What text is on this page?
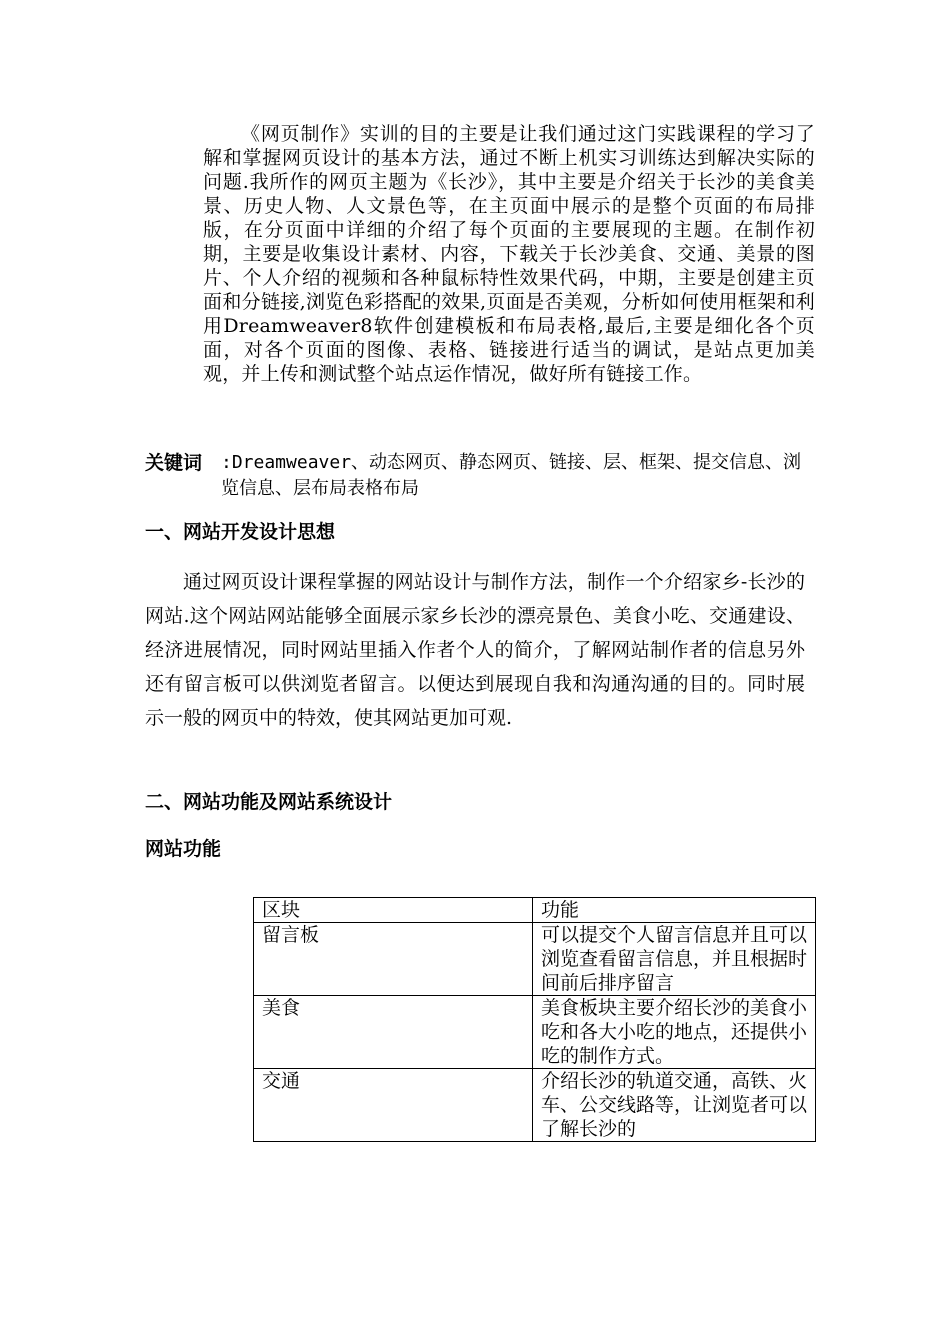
《网页制作》实训的目的主要是让我们通过这门实践课程的学习了解和掌握网页设计的基本方法，通过不断上机实习训练达到解决实际的问题.我所作的网页主题为《长沙》，其中主要是介绍关于长沙的美食美景、历史人物、人文景色等，在主页面中展示的是整个页面的布局排版，在分页面中详细的介绍了每个页面的主要展现的主题。在制作初期，主要是收集设计素材、内容，下载关于长沙美食、交通、美景的图片、个人介绍的视频和各种鼠标特性效果代码，中期，主要是创建主页面和分链接,浏览色彩搭配的效果,页面是否美观，分析如何使用框架和利用Dreamweaver8软件创建模板和布局表格,最后,主要是细化各个页面，对各个页面的图像、表格、链接进行适当的调试，是站点更加美观，并上传和测试整个站点运作情况，做好所有链接工作。

关键词 :Dreamweaver、动态网页、静态网页、链接、层、框架、提交信息、浏览信息、层布局表格布局
一、网站开发设计思想

通过网页设计课程掌握的网站设计与制作方法，制作一个介绍家乡-长沙的网站.这个网站网站能够全面展示家乡长沙的漂亮景色、美食小吃、交通建设、经济进展情况，同时网站里插入作者个人的简介，了解网站制作者的信息另外还有留言板可以供浏览者留言。以便达到展现自我和沟通沟通的目的。同时展示一般的网页中的特效，使其网站更加可观.

二、网站功能及网站系统设计
网站功能
区块	功能
留言板	可以提交个人留言信息并且可以浏览查看留言信息，并且根据时间前后排序留言
美食	美食板块主要介绍长沙的美食小吃和各大小吃的地点，还提供小吃的制作方式。
交通	介绍长沙的轨道交通，高铁、火车、公交线路等，让浏览者可以了解长沙的
